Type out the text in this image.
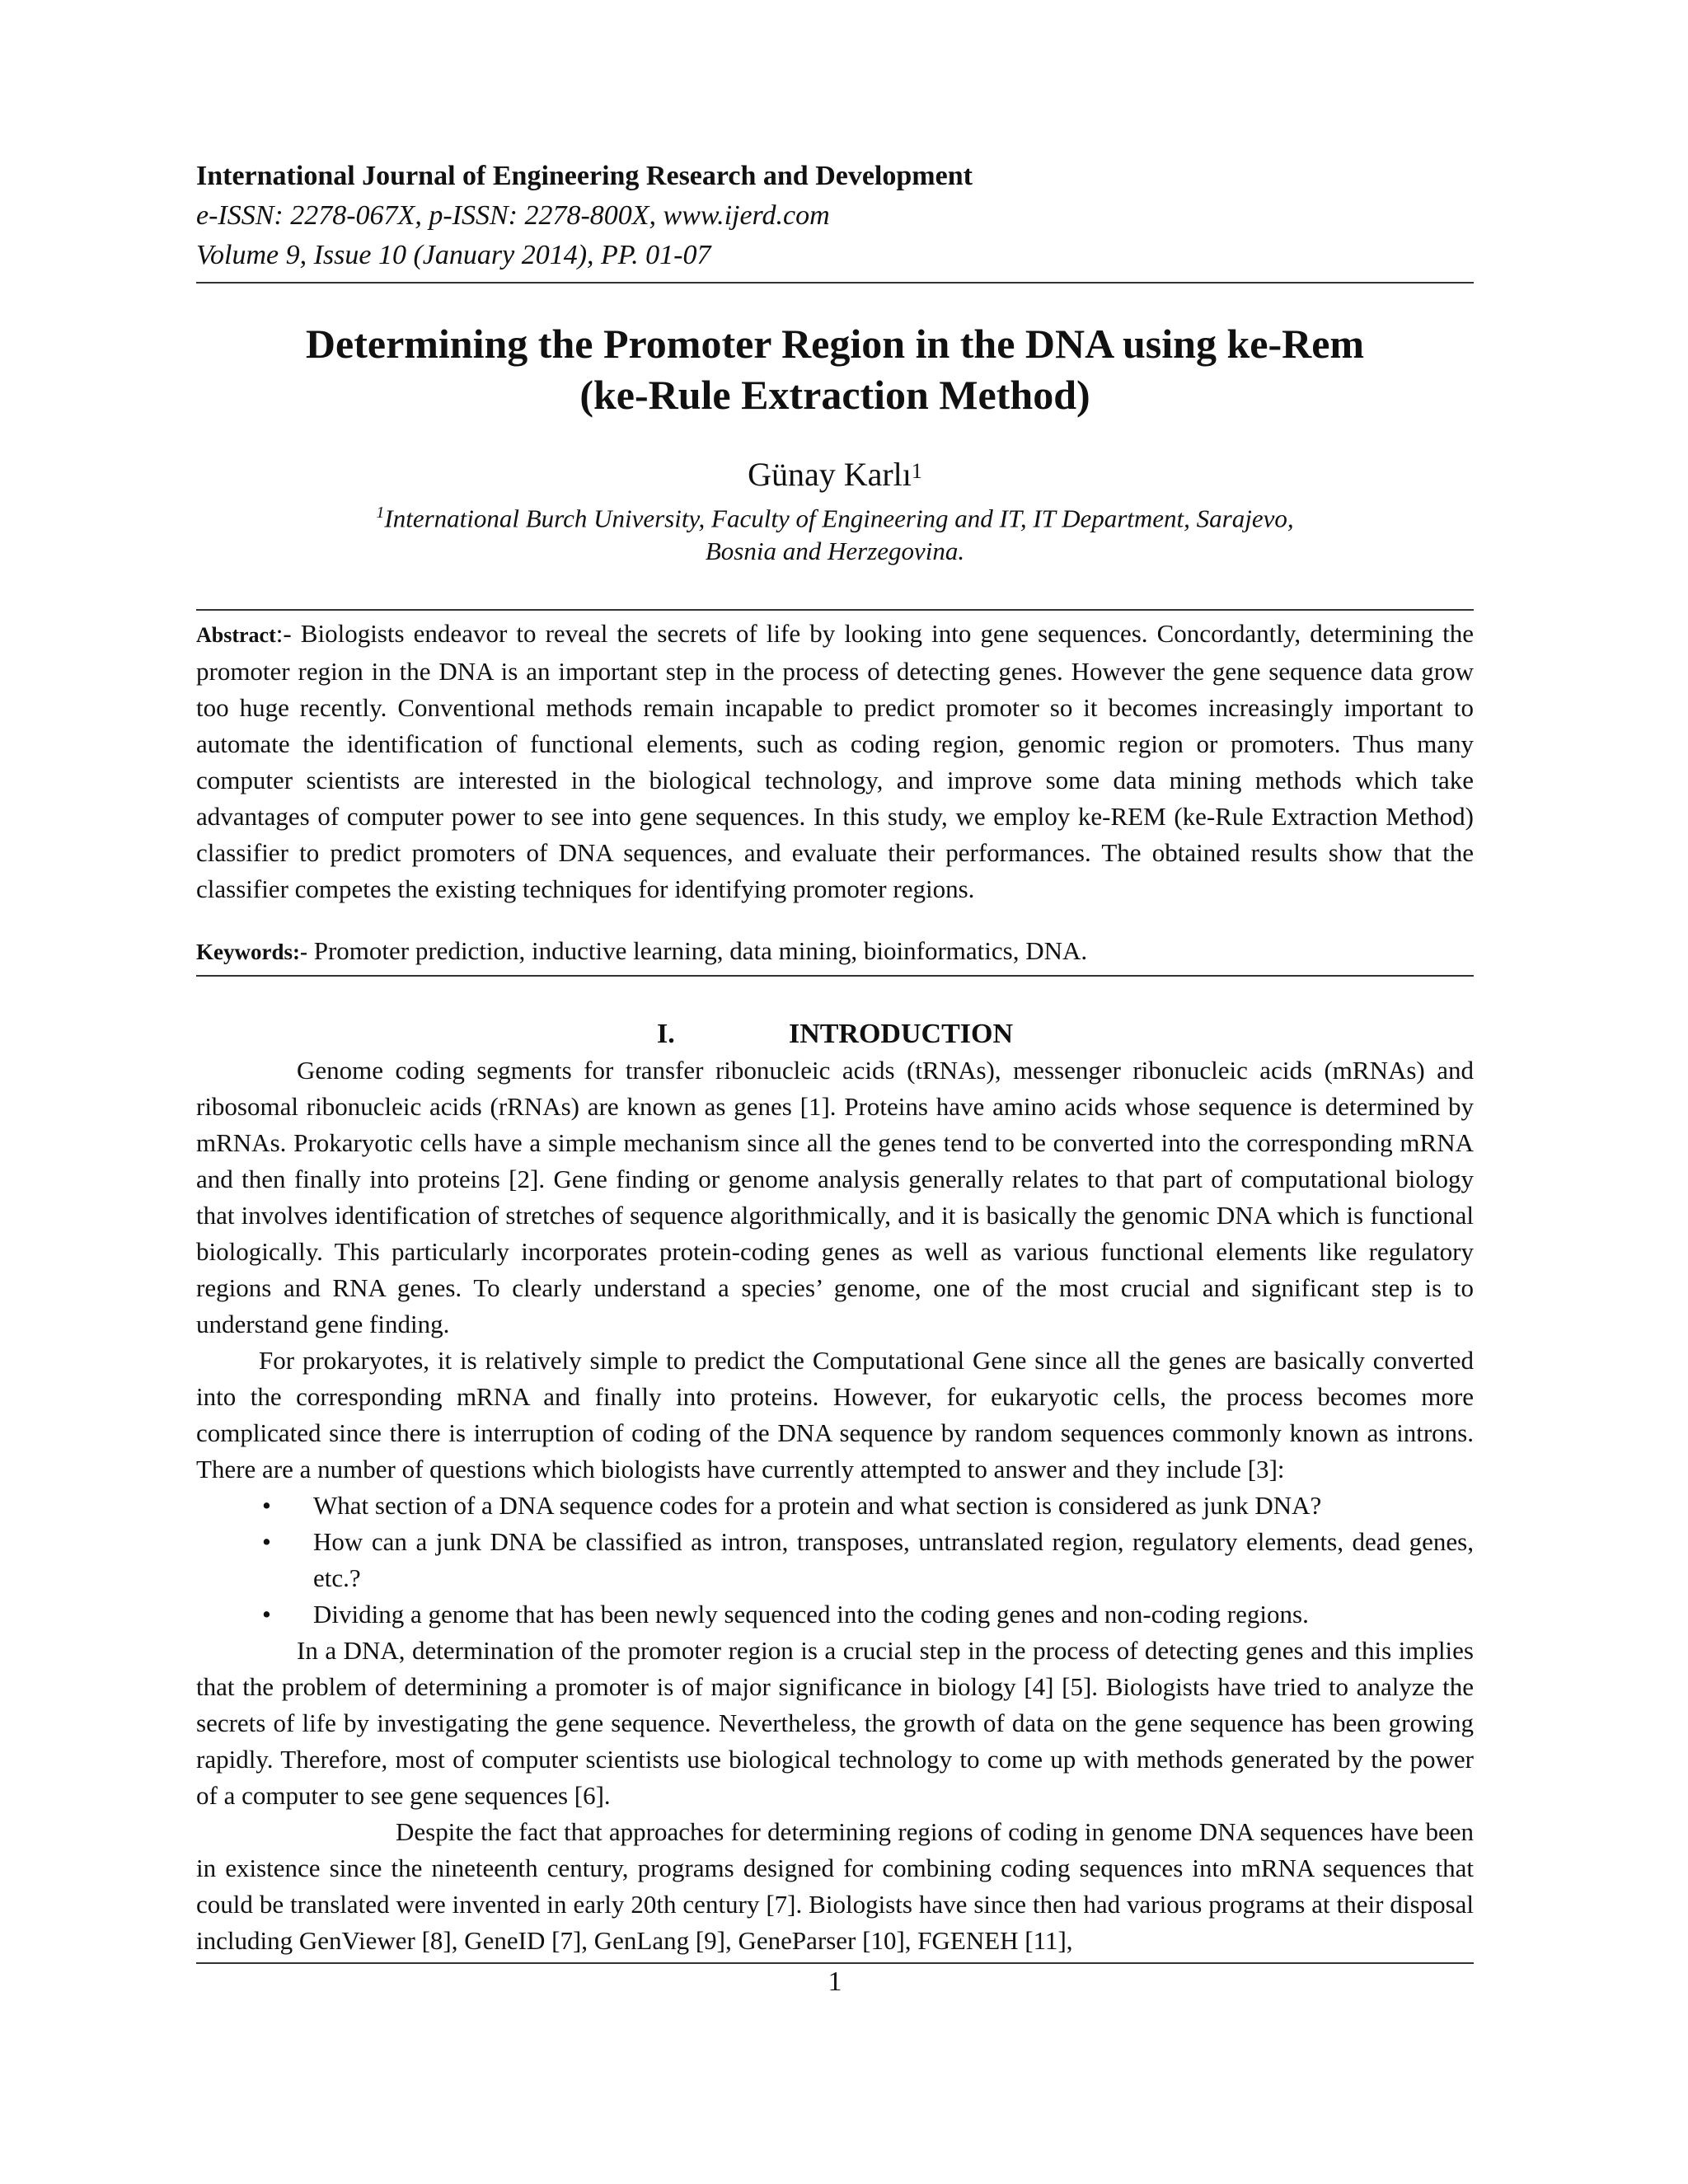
International Journal of Engineering Research and Development
e-ISSN: 2278-067X, p-ISSN: 2278-800X, www.ijerd.com
Volume 9, Issue 10 (January 2014), PP. 01-07
Determining the Promoter Region in the DNA using ke-Rem
(ke-Rule Extraction Method)
Günay Karlı$^1$
$^1$International Burch University, Faculty of Engineering and IT, IT Department, Sarajevo,
Bosnia and Herzegovina.

Abstract:- Biologists endeavor to reveal the secrets of life by looking into gene sequences. Concordantly, determining the promoter region in the DNA is an important step in the process of detecting genes. However the gene sequence data grow too huge recently. Conventional methods remain incapable to predict promoter so it becomes increasingly important to automate the identification of functional elements, such as coding region, genomic region or promoters. Thus many computer scientists are interested in the biological technology, and improve some data mining methods which take advantages of computer power to see into gene sequences. In this study, we employ ke-REM (ke-Rule Extraction Method) classifier to predict promoters of DNA sequences, and evaluate their performances. The obtained results show that the classifier competes the existing techniques for identifying promoter regions.

Keywords:- Promoter prediction, inductive learning, data mining, bioinformatics, DNA.
I.	INTRODUCTION

Genome coding segments for transfer ribonucleic acids (tRNAs), messenger ribonucleic acids (mRNAs) and ribosomal ribonucleic acids (rRNAs) are known as genes [1]. Proteins have amino acids whose sequence is determined by mRNAs. Prokaryotic cells have a simple mechanism since all the genes tend to be converted into the corresponding mRNA and then finally into proteins [2]. Gene finding or genome analysis generally relates to that part of computational biology that involves identification of stretches of sequence algorithmically, and it is basically the genomic DNA which is functional biologically. This particularly incorporates protein-coding genes as well as various functional elements like regulatory regions and RNA genes. To clearly understand a species’ genome, one of the most crucial and significant step is to understand gene finding.

For prokaryotes, it is relatively simple to predict the Computational Gene since all the genes are basically converted into the corresponding mRNA and finally into proteins. However, for eukaryotic cells, the process becomes more complicated since there is interruption of coding of the DNA sequence by random sequences commonly known as introns. There are a number of questions which biologists have currently attempted to answer and they include [3]:

• What section of a DNA sequence codes for a protein and what section is considered as junk DNA?
• How can a junk DNA be classified as intron, transposes, untranslated region, regulatory elements, dead genes, etc.?
• Dividing a genome that has been newly sequenced into the coding genes and non-coding regions.

In a DNA, determination of the promoter region is a crucial step in the process of detecting genes and this implies that the problem of determining a promoter is of major significance in biology [4] [5]. Biologists have tried to analyze the secrets of life by investigating the gene sequence. Nevertheless, the growth of data on the gene sequence has been growing rapidly. Therefore, most of computer scientists use biological technology to come up with methods generated by the power of a computer to see gene sequences [6].

Despite the fact that approaches for determining regions of coding in genome DNA sequences have been in existence since the nineteenth century, programs designed for combining coding sequences into mRNA sequences that could be translated were invented in early 20th century [7]. Biologists have since then had various programs at their disposal including GenViewer [8], GeneID [7], GenLang [9], GeneParser [10], FGENEH [11],

1
